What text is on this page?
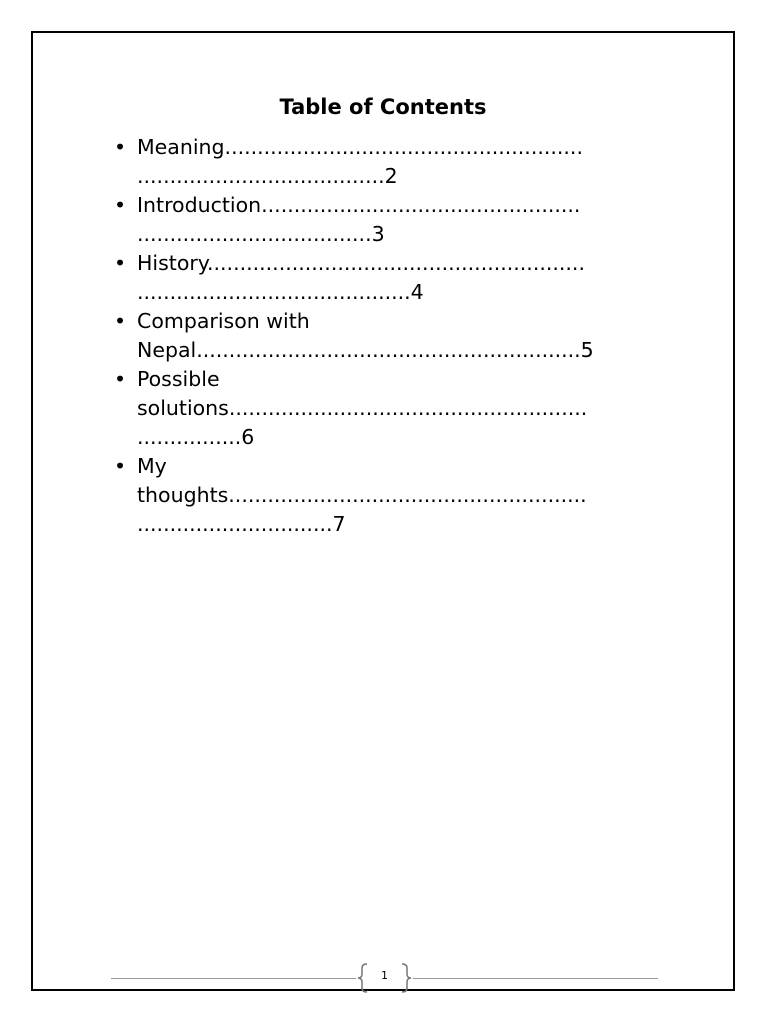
Table of Contents
• Meaning.......................................................
......................................2
• Introduction.................................................
....................................3
• History..........................................................
..........................................4
• Comparison with
Nepal...........................................................5
• Possible
solutions.......................................................
................6
• My
thoughts.......................................................
..............................7
1
